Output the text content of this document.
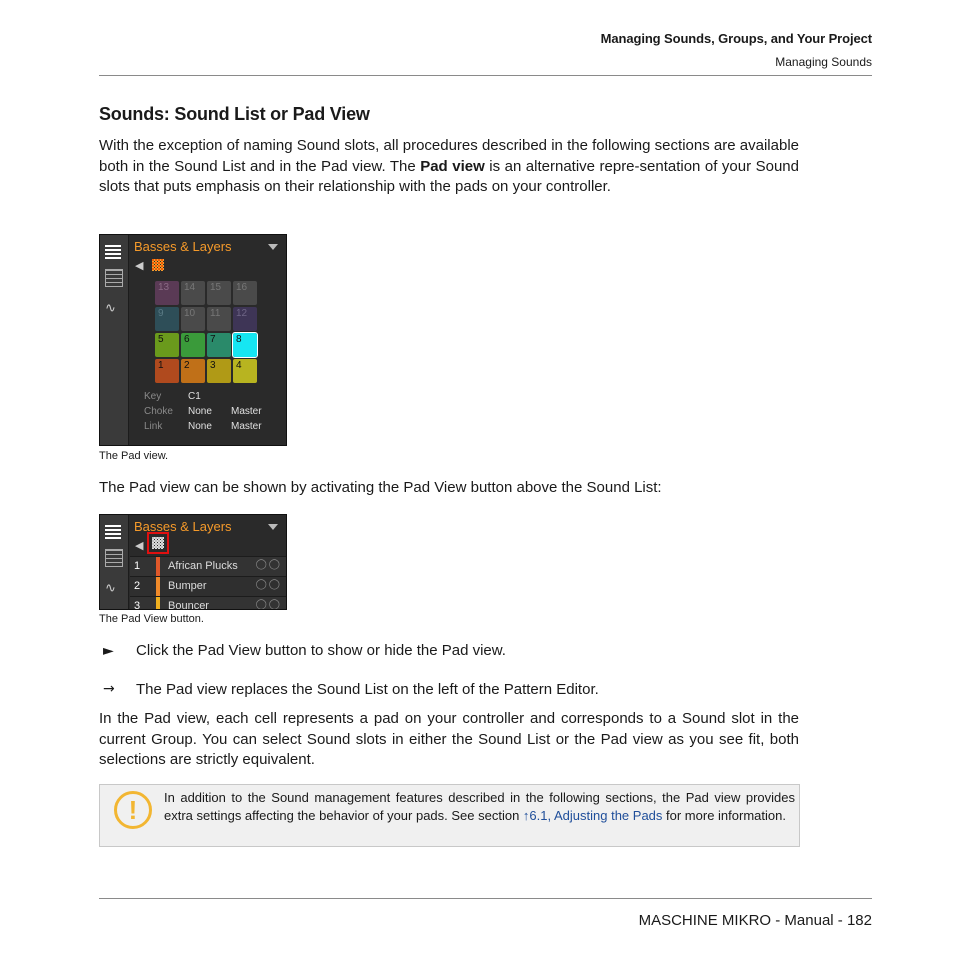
Managing Sounds, Groups, and Your Project
Managing Sounds
Sounds: Sound List or Pad View
With the exception of naming Sound slots, all procedures described in the following sections are available both in the Sound List and in the Pad view. The Pad view is an alternative repre-sentation of your Sound slots that puts emphasis on their relationship with the pads on your controller.
∿
Basses & Layers
◀
13 14 15 16
9 10 11 12
5 6 7 8
1 2 3 4
Key	C1
Choke None Master
Link	None Master
The Pad view.
The Pad view can be shown by activating the Pad View button above the Sound List:
∿
Basses & Layers
◀
1	African Plucks ◯◯
2	Bumper	◯◯
3	Bouncer	◯◯
The Pad View button.
► Click the Pad View button to show or hide the Pad view.
→ The Pad view replaces the Sound List on the left of the Pattern Editor.
In the Pad view, each cell represents a pad on your controller and corresponds to a Sound slot in the current Group. You can select Sound slots in either the Sound List or the Pad view as you see fit, both selections are strictly equivalent.
!	In addition to the Sound management features described in the following sections, the Pad view provides extra settings affecting the behavior of your pads. See section ↑6.1, Adjusting the Pads for more information.
MASCHINE MIKRO - Manual - 182
